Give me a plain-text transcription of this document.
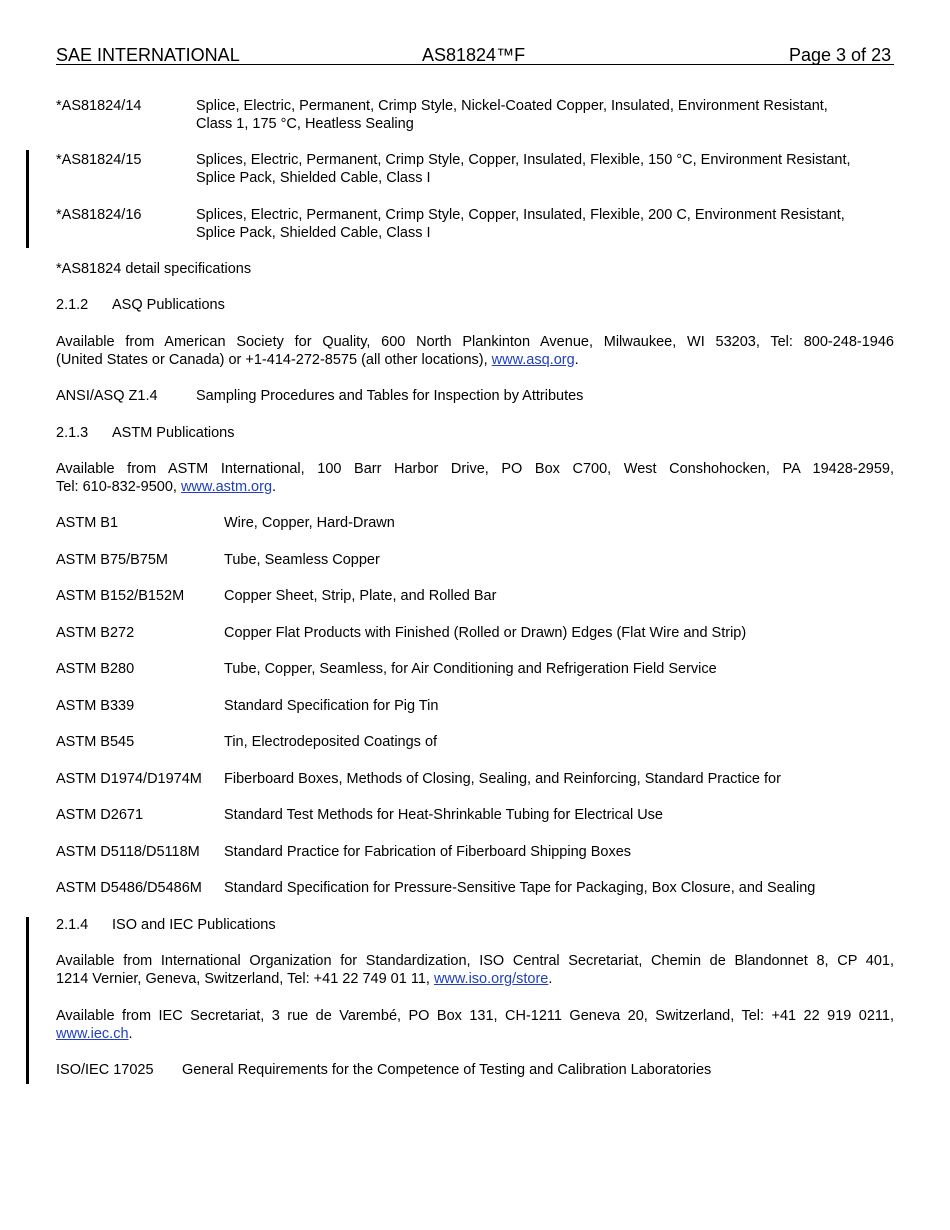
SAE INTERNATIONAL	AS81824™F	Page 3 of 23
*AS81824/14	Splice, Electric, Permanent, Crimp Style, Nickel-Coated Copper, Insulated, Environment Resistant,
Class 1, 175 °C, Heatless Sealing
*AS81824/15	Splices, Electric, Permanent, Crimp Style, Copper, Insulated, Flexible, 150 °C, Environment Resistant,
Splice Pack, Shielded Cable, Class I
*AS81824/16	Splices, Electric, Permanent, Crimp Style, Copper, Insulated, Flexible, 200 C, Environment Resistant,
Splice Pack, Shielded Cable, Class I
*AS81824 detail specifications
2.1.2 ASQ Publications
Available from American Society for Quality, 600 North Plankinton Avenue, Milwaukee, WI 53203, Tel: 800-248-1946
(United States or Canada) or +1-414-272-8575 (all other locations), www.asq.org.
ANSI/ASQ Z1.4	Sampling Procedures and Tables for Inspection by Attributes
2.1.3 ASTM Publications
Available from ASTM International, 100 Barr Harbor Drive, PO Box C700, West Conshohocken, PA 19428-2959,
Tel: 610-832-9500, www.astm.org.
ASTM B1	Wire, Copper, Hard-Drawn
ASTM B75/B75M	Tube, Seamless Copper
ASTM B152/B152M	Copper Sheet, Strip, Plate, and Rolled Bar
ASTM B272	Copper Flat Products with Finished (Rolled or Drawn) Edges (Flat Wire and Strip)
ASTM B280	Tube, Copper, Seamless, for Air Conditioning and Refrigeration Field Service
ASTM B339	Standard Specification for Pig Tin
ASTM B545	Tin, Electrodeposited Coatings of
ASTM D1974/D1974M Fiberboard Boxes, Methods of Closing, Sealing, and Reinforcing, Standard Practice for
ASTM D2671	Standard Test Methods for Heat-Shrinkable Tubing for Electrical Use
ASTM D5118/D5118M Standard Practice for Fabrication of Fiberboard Shipping Boxes
ASTM D5486/D5486M Standard Specification for Pressure-Sensitive Tape for Packaging, Box Closure, and Sealing
2.1.4 ISO and IEC Publications
Available from International Organization for Standardization, ISO Central Secretariat, Chemin de Blandonnet 8, CP 401,
1214 Vernier, Geneva, Switzerland, Tel: +41 22 749 01 11, www.iso.org/store.
Available from IEC Secretariat, 3 rue de Varembé, PO Box 131, CH-1211 Geneva 20, Switzerland, Tel: +41 22 919 0211,
www.iec.ch.
ISO/IEC 17025 General Requirements for the Competence of Testing and Calibration Laboratories
